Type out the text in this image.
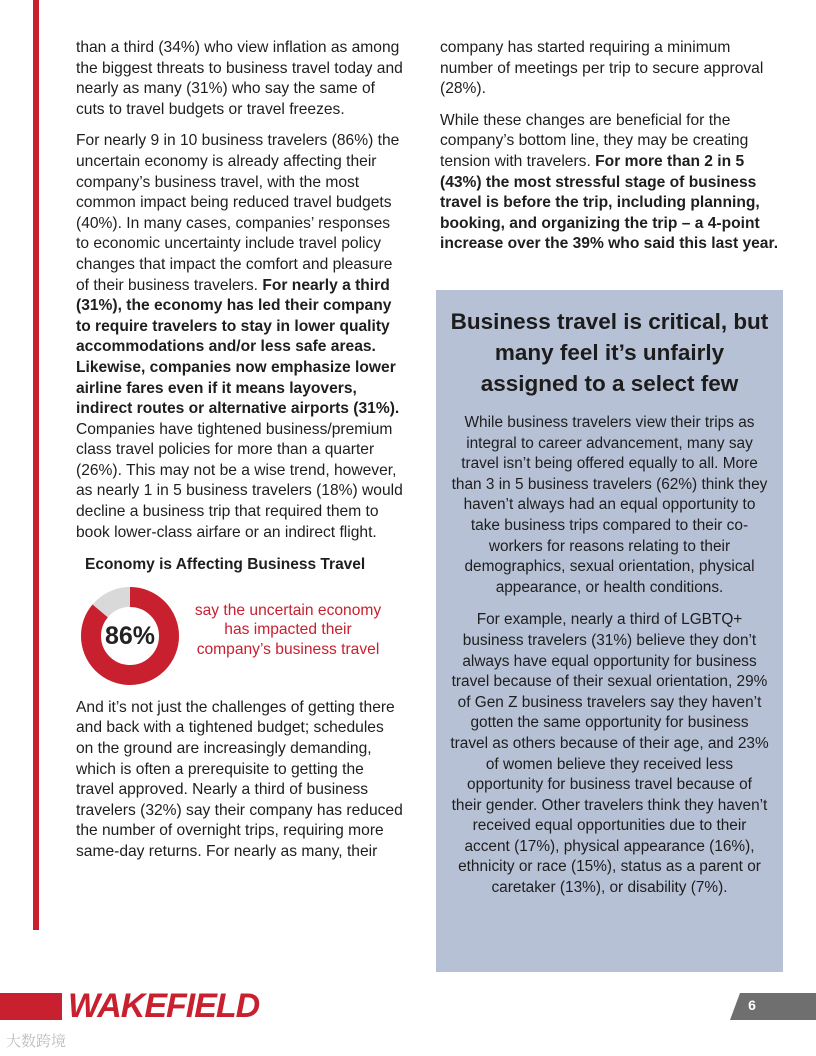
than a third (34%) who view inflation as among the biggest threats to business travel today and nearly as many (31%) who say the same of cuts to travel budgets or travel freezes.

For nearly 9 in 10 business travelers (86%) the uncertain economy is already affecting their company’s business travel, with the most common impact being reduced travel budgets (40%). In many cases, companies’ responses to economic uncertainty include travel policy changes that impact the comfort and pleasure of their business travelers. For nearly a third (31%), the economy has led their company to require travelers to stay in lower quality accommodations and/or less safe areas. Likewise, companies now emphasize lower airline fares even if it means layovers, indirect routes or alternative airports (31%). Companies have tightened business/premium class travel policies for more than a quarter (26%). This may not be a wise trend, however, as nearly 1 in 5 business travelers (18%) would decline a business trip that required them to book lower-class airfare or an indirect flight.

Economy is Affecting Business Travel
86%
say the uncertain economy has impacted their company’s business travel

And it’s not just the challenges of getting there and back with a tightened budget; schedules on the ground are increasingly demanding, which is often a prerequisite to getting the travel approved. Nearly a third of business travelers (32%) say their company has reduced the number of overnight trips, requiring more same-day returns. For nearly as many, their

company has started requiring a minimum number of meetings per trip to secure approval (28%).

While these changes are beneficial for the company’s bottom line, they may be creating tension with travelers. For more than 2 in 5 (43%) the most stressful stage of business travel is before the trip, including planning, booking, and organizing the trip – a 4-point increase over the 39% who said this last year.

Business travel is critical, but many feel it’s unfairly assigned to a select few

While business travelers view their trips as integral to career advancement, many say travel isn’t being offered equally to all. More than 3 in 5 business travelers (62%) think they haven’t always had an equal opportunity to take business trips compared to their co-workers for reasons relating to their demographics, sexual orientation, physical appearance, or health conditions.

For example, nearly a third of LGBTQ+ business travelers (31%) believe they don’t always have equal opportunity for business travel because of their sexual orientation, 29% of Gen Z business travelers say they haven’t gotten the same opportunity for business travel as others because of their age, and 23% of women believe they received less opportunity for business travel because of their gender. Other travelers think they haven’t received equal opportunities due to their accent (17%), physical appearance (16%), ethnicity or race (15%), status as a parent or caretaker (13%), or disability (7%).

WAKEFIELD	6
大数跨境
